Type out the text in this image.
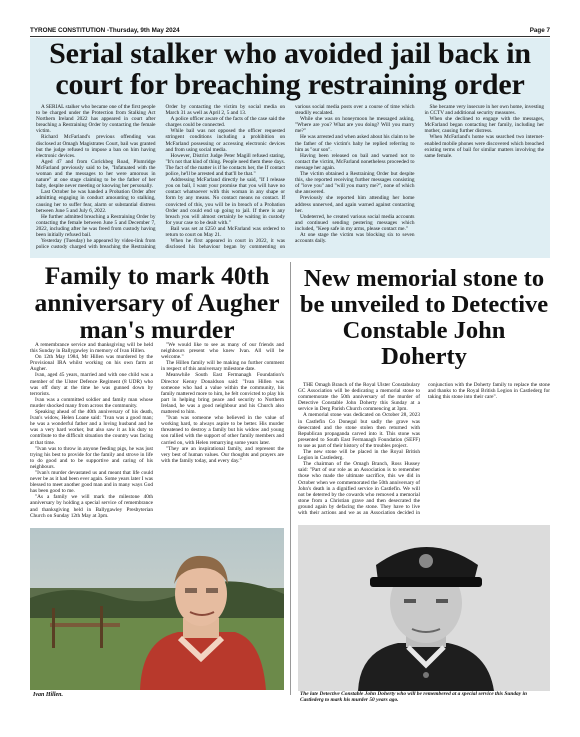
TYRONE CONSTITUTION -Thursday, 9th May 2024	Page 7
Serial stalker who avoided jail back in court for breaching restraining order

A SERIAL stalker who became one of the first people to be charged under the Protection from Stalking Act Northern Ireland 2022 has appeared in court after breaching a Restraining Order by contacting the female victim.

Richard McFarland's previous offending was disclosed at Omagh Magistrates Court, bail was granted but the judge refused to impose a ban on him having electronic devices.

Aged 47 and from Corickbeg Road, Plumridge McFarland previously said to be, "Infatuated with the woman and the messages to her were amorous in nature" at one stage claiming to be the father of her baby, despite never meeting or knowing her personally.

Last October he was handed a Probation Order after admitting engaging in conduct amounting to stalking, causing her to suffer fear, alarm or substantial distress between June 5 and July 6, 2022.

He further admitted breaching a Restraining Order by contacting the female between June 5 and December 7, 2022, including after he was freed from custody having been initially refused bail.

Yesterday (Tuesday) he appeared by video-link from police custody charged with breaching the Restraining Order by contacting the victim by social media on March 31 as well as April 2, 5 and 13.

A police officer aware of the facts of the case said the charges could be connected.

While bail was not opposed the officer requested stringent conditions including a prohibition on McFarland possessing or accessing electronic devices and from using social media.

However, District Judge Peter Magill refused stating, "It's not that kind of thing. People need them these days. The fact of the matter is if he contacts her, the If contact police, he'll be arrested and that'll be that."

Addressing McFarland directly he said, "If I release you on bail, I want your promise that you will have no contact whatsoever with this woman in any shape or form by any means. No contact means no contact. If convicted of this, you will be in breach of a Probation Order and could end up going to jail. If there is any breach you will almost certainly be waiting in custody for your case to be dealt with."

Bail was set at £250 and McFarland was ordered to return to court on May 21.

When he first appeared in court in 2022, it was disclosed his behaviour began by commenting on various social media posts over a course of time which steadily escalated.

While she was on honeymoon he messaged asking, "Where are you? What are you doing? Will you marry me?"

He was arrested and when asked about his claim to be the father of the victim's baby he replied referring to him as "our son".

Having been released on bail and warned not to contact the victim, McFarland nonetheless proceeded to message her again.

The victim obtained a Restraining Order but despite this, she reported receiving further messages consisting of "love you" and "will you marry me?", none of which she answered.

Previously she reported him attending her home address unnerved, and again warned against contacting her.

Undeterred, he created various social media accounts and continued sending pestering messages which included, "Keep safe in my arms, please contact me."

At one stage the victim was blocking six to seven accounts daily.

She became very insecure in her own home, investing in CCTV and additional security measures.

When she declined to engage with the messages, McFarland began contacting her family, including her mother, causing further distress.

When McFarland's home was searched two internet-enabled mobile phones were discovered which breached existing terms of bail for similar matters involving the same female.

Family to mark 40th anniversary of Augher man's murder

A remembrance service and thanksgiving will be held this Sunday in Ballygawley in memory of Ivan Hillen.

On 12th May 1984, Mr Hillen was murdered by the Provisional IRA whilst working on his own farm at Augher.

Ivan, aged 45 years, married and with one child was a member of the Ulster Defence Regiment (8 UDR) who was off duty at the time he was gunned down by terrorists.

Ivan was a committed soldier and family man whose murder shocked many from across the community.

Speaking ahead of the 40th anniversary of his death, Ivan's widow, Helen Loane said: "Ivan was a good man; he was a wonderful father and a loving husband and he was a very hard worker, but also saw it as his duty to contribute to the difficult situation the country was facing at that time.

"Ivan was to throw in anyone feeding pigs, he was just trying his best to provide for the family and strove in life to do good and to be supportive and caring of his neighbours.

"Ivan's murder devastated us and meant that life could never be as it had been ever again. Some years later I was blessed to meet another good man and in many ways God has been good to me.

"As a family we will mark the milestone 40th anniversary by holding a special service of remembrance and thanksgiving held in Ballygawley Presbyterian Church on Sunday 12th May at 3pm.

"We would like to see as many of our friends and neighbours present who knew Ivan. All will be welcome."

The Hillen family will be making no further comment in respect of this anniversary milestone date.

Meanwhile South East Fermanagh Foundation's Director Kenny Donaldson said: "Ivan Hillen was someone who had a value within the community, his family mattered more to him, he felt convicted to play his part in helping bring peace and security to Northern Ireland, he was a good neighbour and his Church also mattered to him.

"Ivan was someone who believed in the value of working hard, to always aspire to be better. His murder threatened to destroy a family but his widow and young son rallied with the support of other family members and carried on, with Helen remarrying some years later.

"They are an inspirational family, and represent the very best of human values. Our thoughts and prayers are with the family today, and every day."

Ivan Hillen.
New memorial stone to be unveiled to Detective Constable John Doherty

THE Omagh Branch of the Royal Ulster Constabulary GC Association will be dedicating a memorial stone to commemorate the 50th anniversary of the murder of Detective Constable John Doherty this Sunday at a service in Derg Parish Church commencing at 3pm.

A memorial stone was dedicated on October 28, 2023 in Castlefin Co Donegal but sadly the grave was desecrated and the stone stolen then returned with Republican propaganda carved into it. This stone was presented to South East Fermanagh Foundation (SEFF) to use as part of their history of the troubles project.

The new stone will be placed in the Royal British Legion in Castlederg.

The chairman of the Omagh Branch, Ross Hussey said: "Part of our role as an Association is to remember those who made the ultimate sacrifice, this we did in October when we commemorated the 50th anniversary of John's death in a dignified service in Castlefin. We will not be deterred by the cowards who removed a memorial stone from a Christian grave and then desecrated the ground again by defacing the stone. They have to live with their actions and we as an Association decided in conjunction with the Doherty family to replace the stone and thanks to the Royal British Legion in Castlederg for taking this stone into their care".

The late Detective Constable John Doherty who will be remembered at a special service this Sunday in Castlederg to mark his murder 50 years ago.
